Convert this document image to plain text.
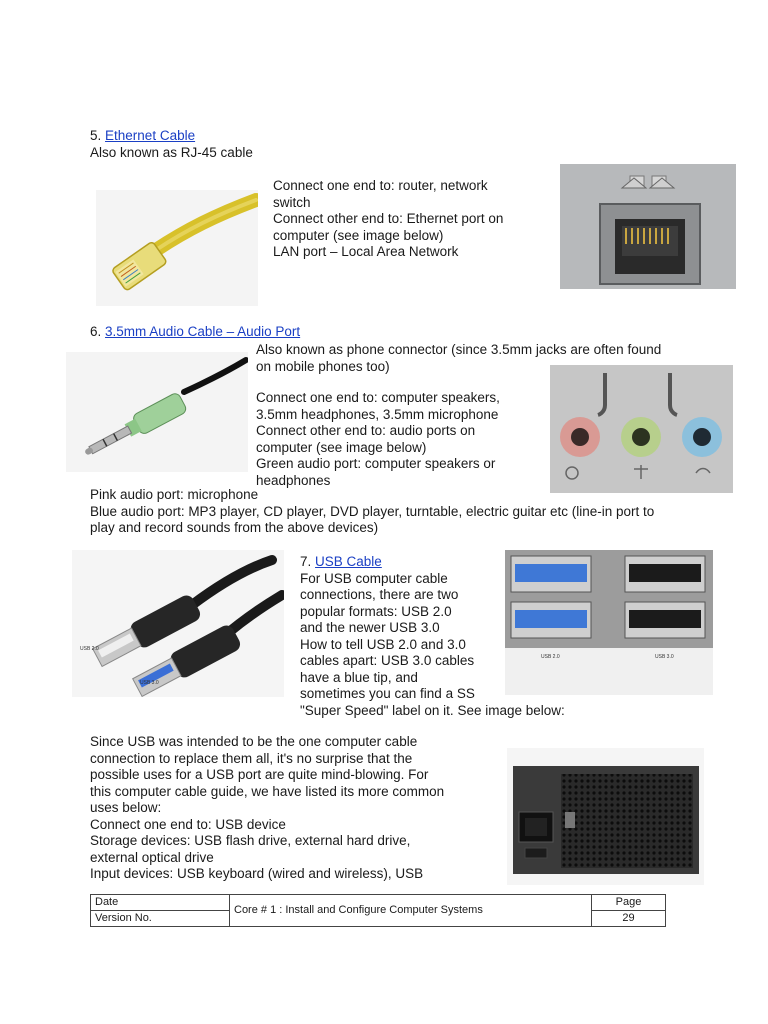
5. Ethernet Cable
Also known as RJ-45 cable

Connect one end to: router, network

switch

Connect other end to: Ethernet port on

computer (see image below)

LAN port – Local Area Network

6. 3.5mm Audio Cable – Audio Port

Also known as phone connector (since 3.5mm jacks are often found

on mobile phones too)

Connect one end to: computer speakers,

3.5mm headphones, 3.5mm microphone

Connect other end to: audio ports on

computer (see image below)

Green audio port: computer speakers or

headphones

Pink audio port: microphone

Blue audio port: MP3 player, CD player, DVD player, turntable, electric guitar etc (line-in port to

play and record sounds from the above devices)

USB 2.0
USB 3.0

7. USB Cable

For USB computer cable

connections, there are two

popular formats: USB 2.0

and the newer USB 3.0

How to tell USB 2.0 and 3.0

cables apart: USB 3.0 cables

have a blue tip, and

sometimes you can find a SS

"Super Speed" label on it. See image below:

USB 2.0	USB 3.0

Since USB was intended to be the one computer cable

connection to replace them all, it's no surprise that the

possible uses for a USB port are quite mind-blowing. For

this computer cable guide, we have listed its more common

uses below:

Connect one end to: USB device

Storage devices: USB flash drive, external hard drive,

external optical drive

Input devices: USB keyboard (wired and wireless), USB

Date	Core # 1 : Install and Configure Computer Systems	Page
Version No.		29
